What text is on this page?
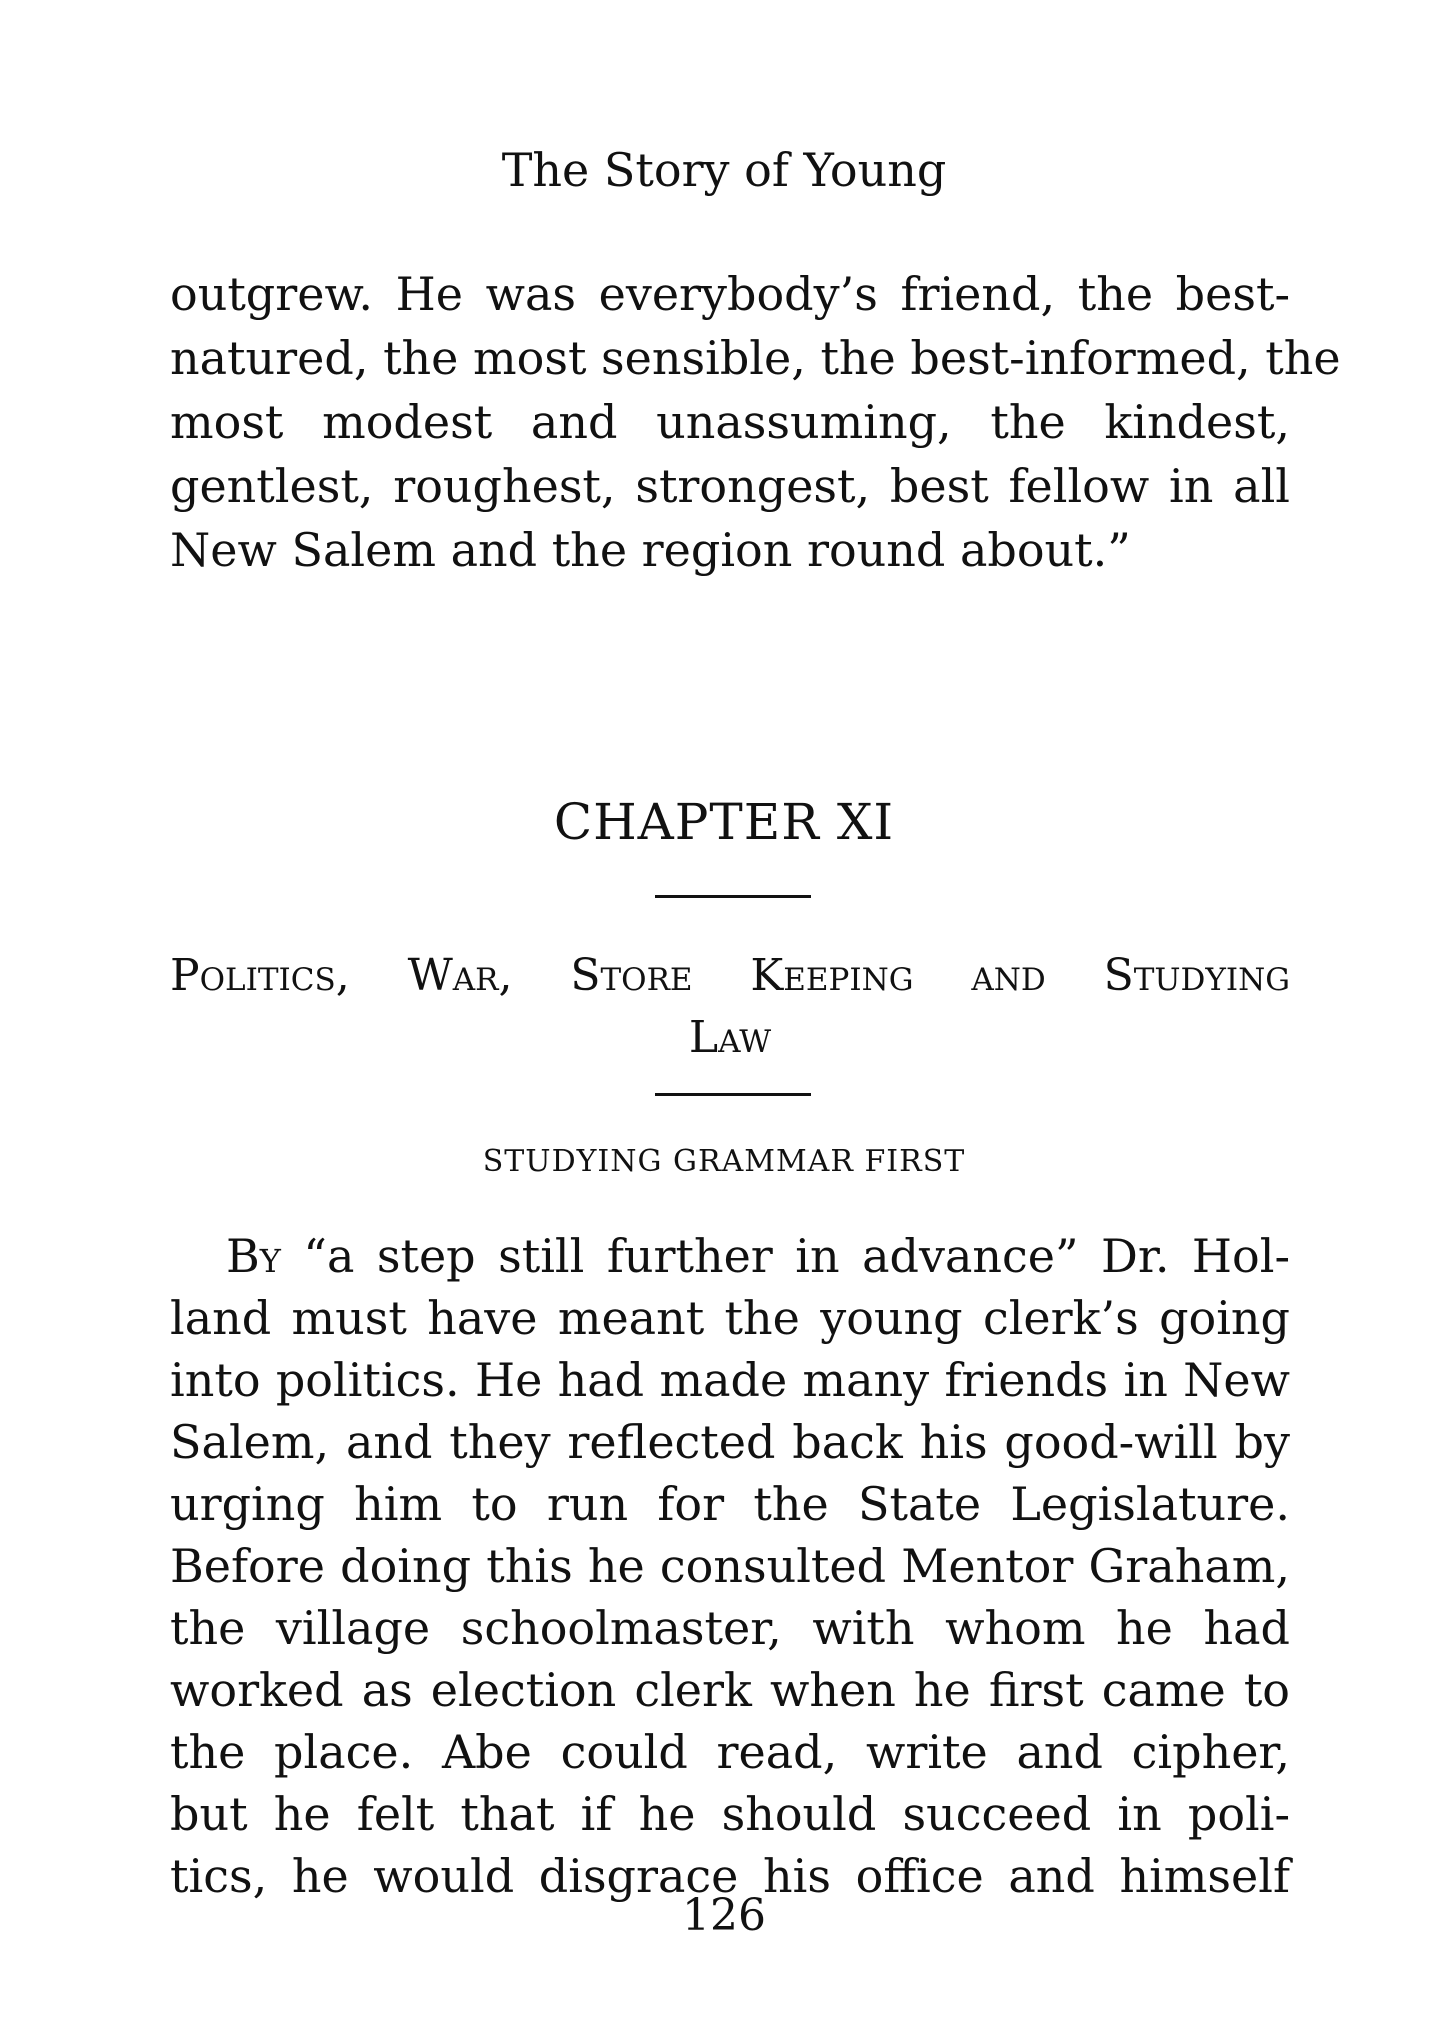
The Story of Young
outgrew. He was everybody’s friend, the best-
natured, the most sensible, the best-informed, the
most modest and unassuming, the kindest,
gentlest, roughest, strongest, best fellow in all
New Salem and the region round about.”
CHAPTER XI
Politics, War, Store Keeping and Studying
Law
STUDYING GRAMMAR FIRST
By “a step still further in advance” Dr. Hol-
land must have meant the young clerk’s going
into politics. He had made many friends in New
Salem, and they reflected back his good-will by
urging him to run for the State Legislature.
Before doing this he consulted Mentor Graham,
the village schoolmaster, with whom he had
worked as election clerk when he first came to
the place. Abe could read, write and cipher,
but he felt that if he should succeed in poli-
tics, he would disgrace his office and himself
126
